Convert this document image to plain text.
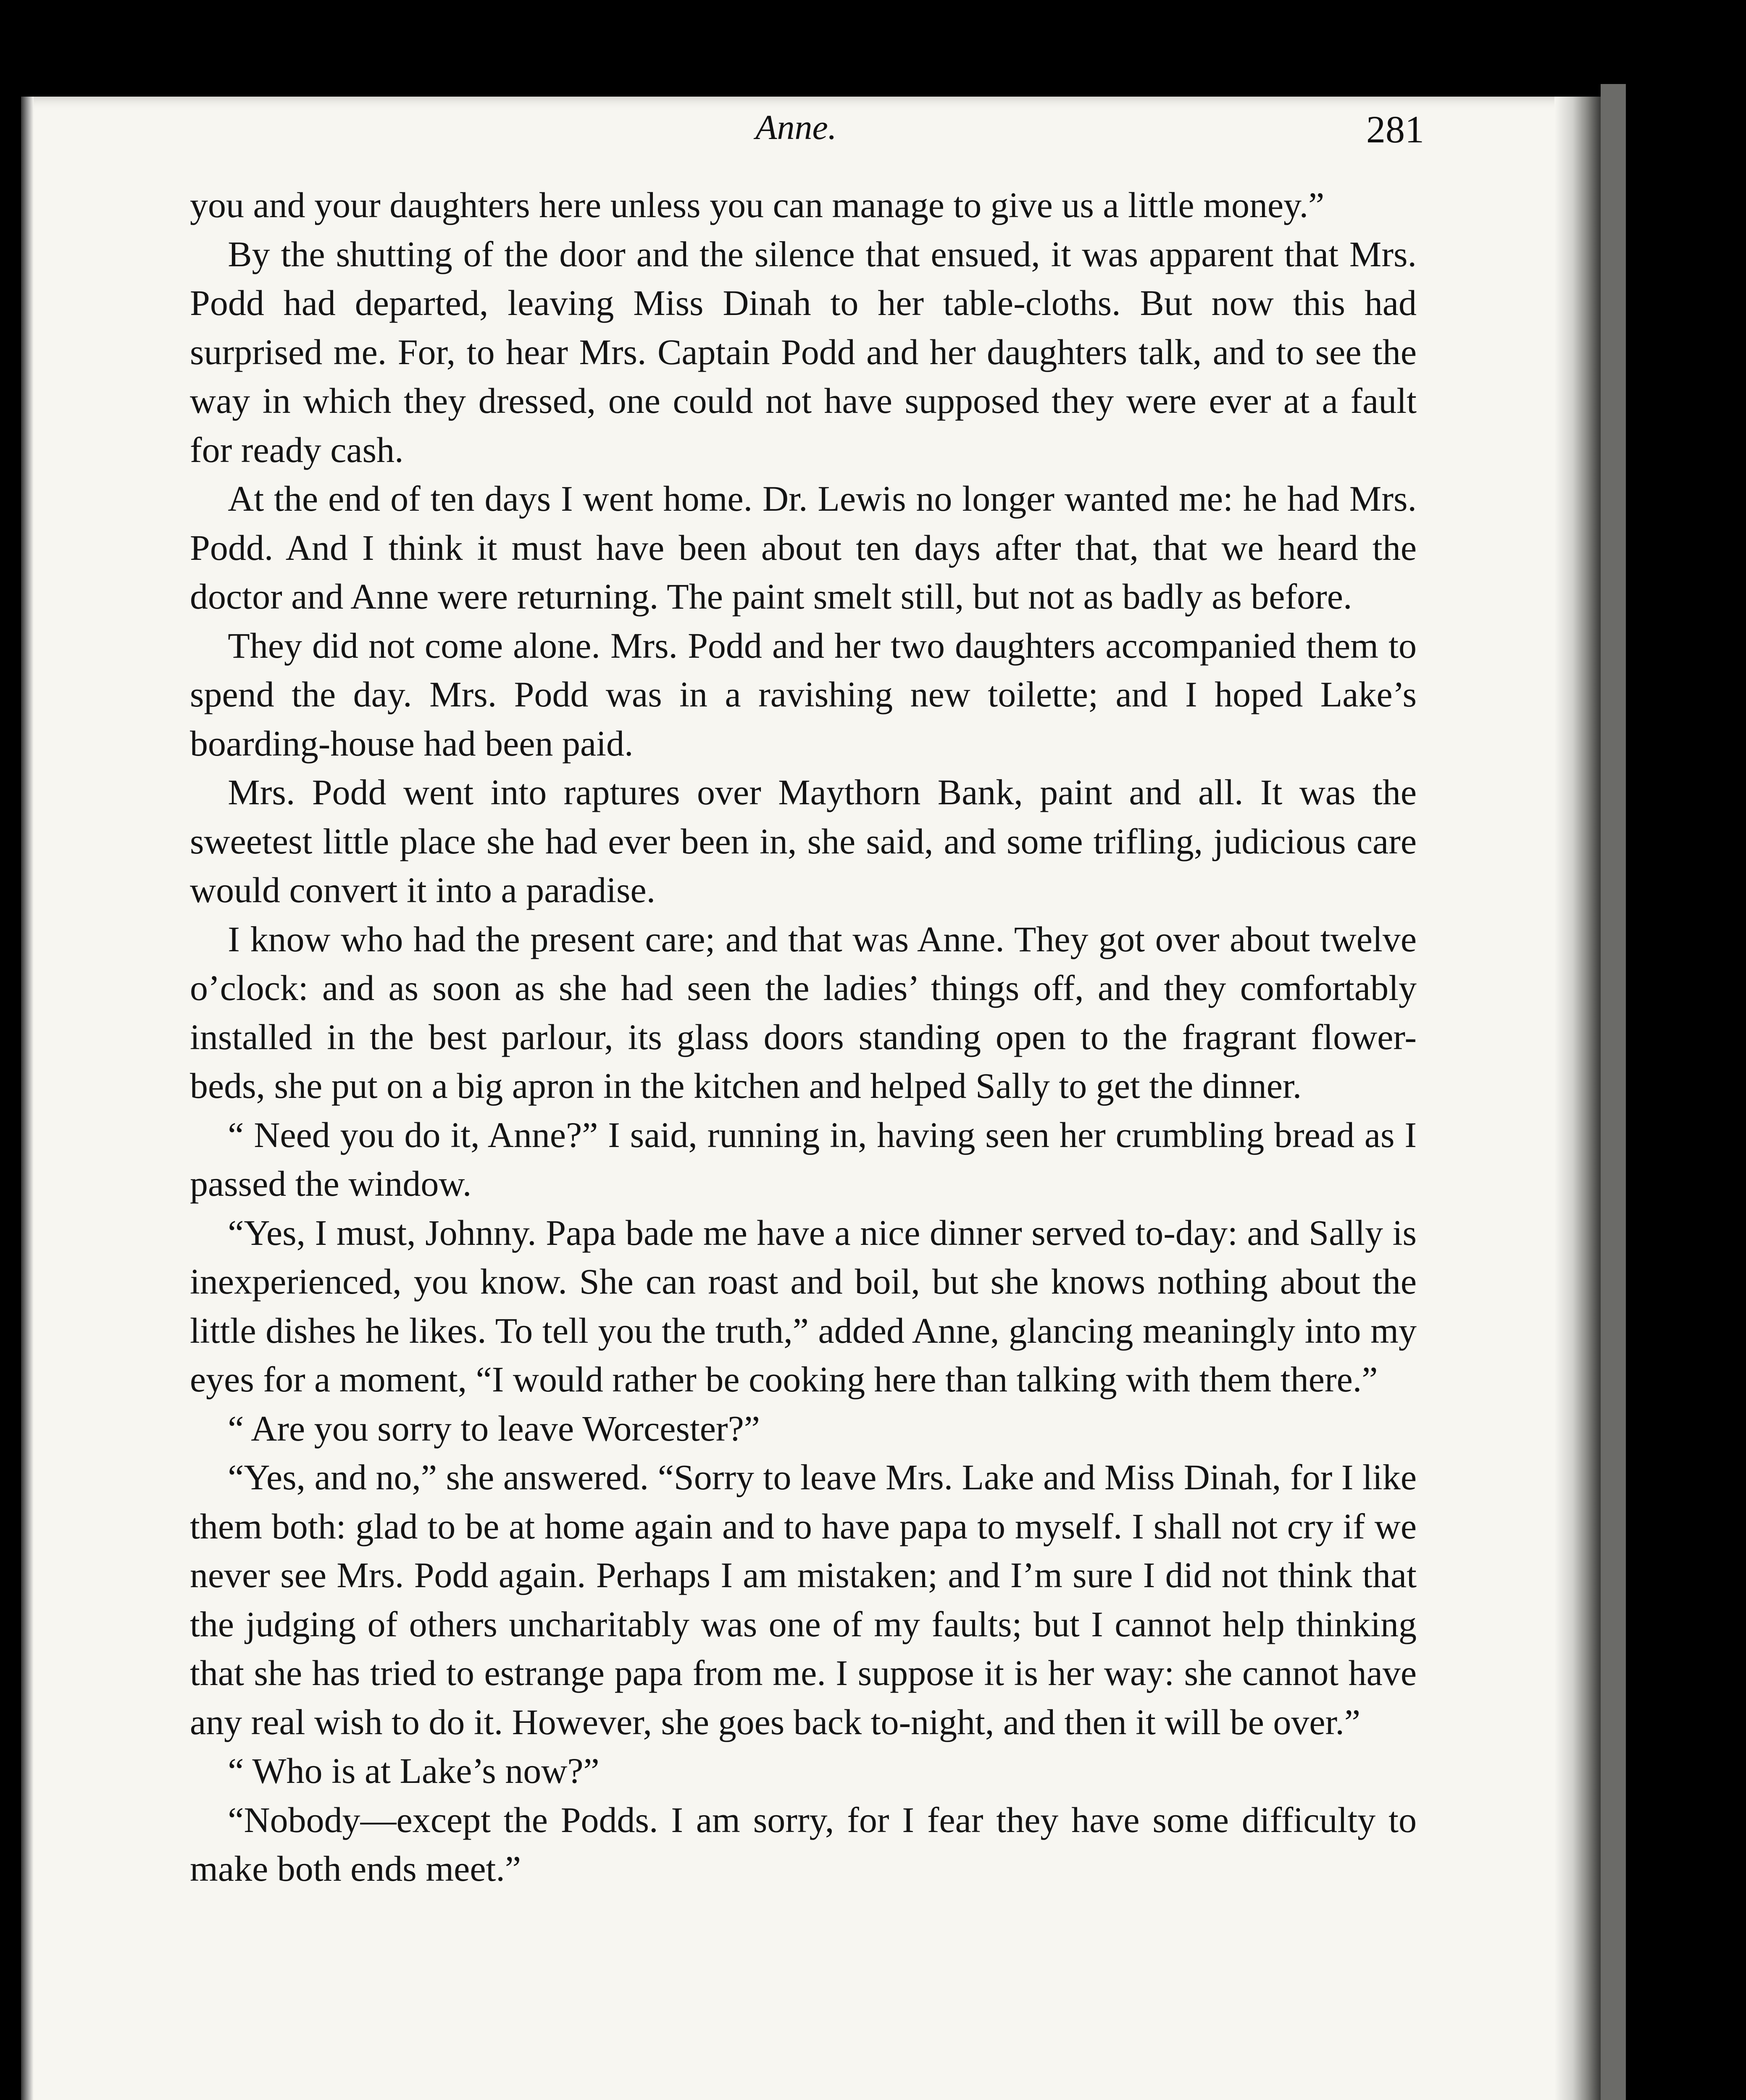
Anne.	281

you and your daughters here unless you can manage to give us a little money.”

By the shutting of the door and the silence that ensued, it was apparent that Mrs. Podd had departed, leaving Miss Dinah to her table-cloths. But now this had surprised me. For, to hear Mrs. Captain Podd and her daughters talk, and to see the way in which they dressed, one could not have supposed they were ever at a fault for ready cash.

At the end of ten days I went home. Dr. Lewis no longer wanted me: he had Mrs. Podd. And I think it must have been about ten days after that, that we heard the doctor and Anne were returning. The paint smelt still, but not as badly as before.

They did not come alone. Mrs. Podd and her two daughters accompanied them to spend the day. Mrs. Podd was in a ravishing new toilette; and I hoped Lake’s boarding-house had been paid.

Mrs. Podd went into raptures over Maythorn Bank, paint and all. It was the sweetest little place she had ever been in, she said, and some trifling, judicious care would convert it into a paradise.

I know who had the present care; and that was Anne. They got over about twelve o’clock: and as soon as she had seen the ladies’ things off, and they comfortably installed in the best parlour, its glass doors standing open to the fragrant flower-beds, she put on a big apron in the kitchen and helped Sally to get the dinner.

“ Need you do it, Anne?” I said, running in, having seen her crumbling bread as I passed the window.

“Yes, I must, Johnny. Papa bade me have a nice dinner served to-day: and Sally is inexperienced, you know. She can roast and boil, but she knows nothing about the little dishes he likes. To tell you the truth,” added Anne, glancing meaningly into my eyes for a moment, “I would rather be cooking here than talking with them there.”

“ Are you sorry to leave Worcester?”

“Yes, and no,” she answered. “Sorry to leave Mrs. Lake and Miss Dinah, for I like them both: glad to be at home again and to have papa to myself. I shall not cry if we never see Mrs. Podd again. Perhaps I am mistaken; and I’m sure I did not think that the judging of others uncharitably was one of my faults; but I cannot help thinking that she has tried to estrange papa from me. I suppose it is her way: she cannot have any real wish to do it. However, she goes back to-night, and then it will be over.”

“ Who is at Lake’s now?”

“Nobody—except the Podds. I am sorry, for I fear they have some difficulty to make both ends meet.”
